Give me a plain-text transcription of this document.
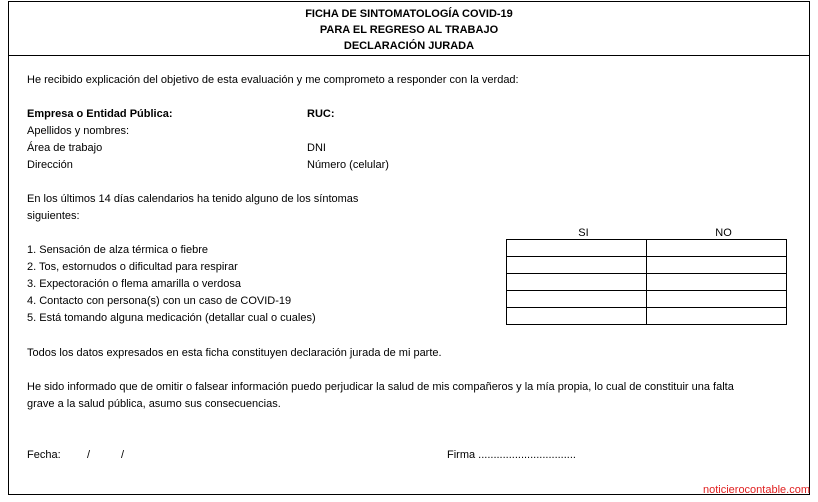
FICHA DE SINTOMATOLOGÍA COVID-19
PARA EL REGRESO AL TRABAJO
DECLARACIÓN JURADA
He recibido explicación del objetivo de esta evaluación y me comprometo a responder con la verdad:
Empresa o Entidad Pública:	RUC:
Apellidos y nombres:
Área de trabajo	DNI
Dirección	Número (celular)
En los últimos 14 días calendarios ha tenido alguno de los síntomas
siguientes:
SI	NO

1. Sensación de alza térmica o fiebre
2. Tos, estornudos o dificultad para respirar
3. Expectoración o flema amarilla o verdosa
4. Contacto con persona(s) con un caso de COVID-19
5. Está tomando alguna medicación (detallar cual o cuales)
Todos los datos expresados en esta ficha constituyen declaración jurada de mi parte.
He sido informado que de omitir o falsear información puedo perjudicar la salud de mis compañeros y la mía propia, lo cual de constituir una falta
grave a la salud pública, asumo sus consecuencias.
Fecha: /	/	Firma ................................
noticierocontable.com
